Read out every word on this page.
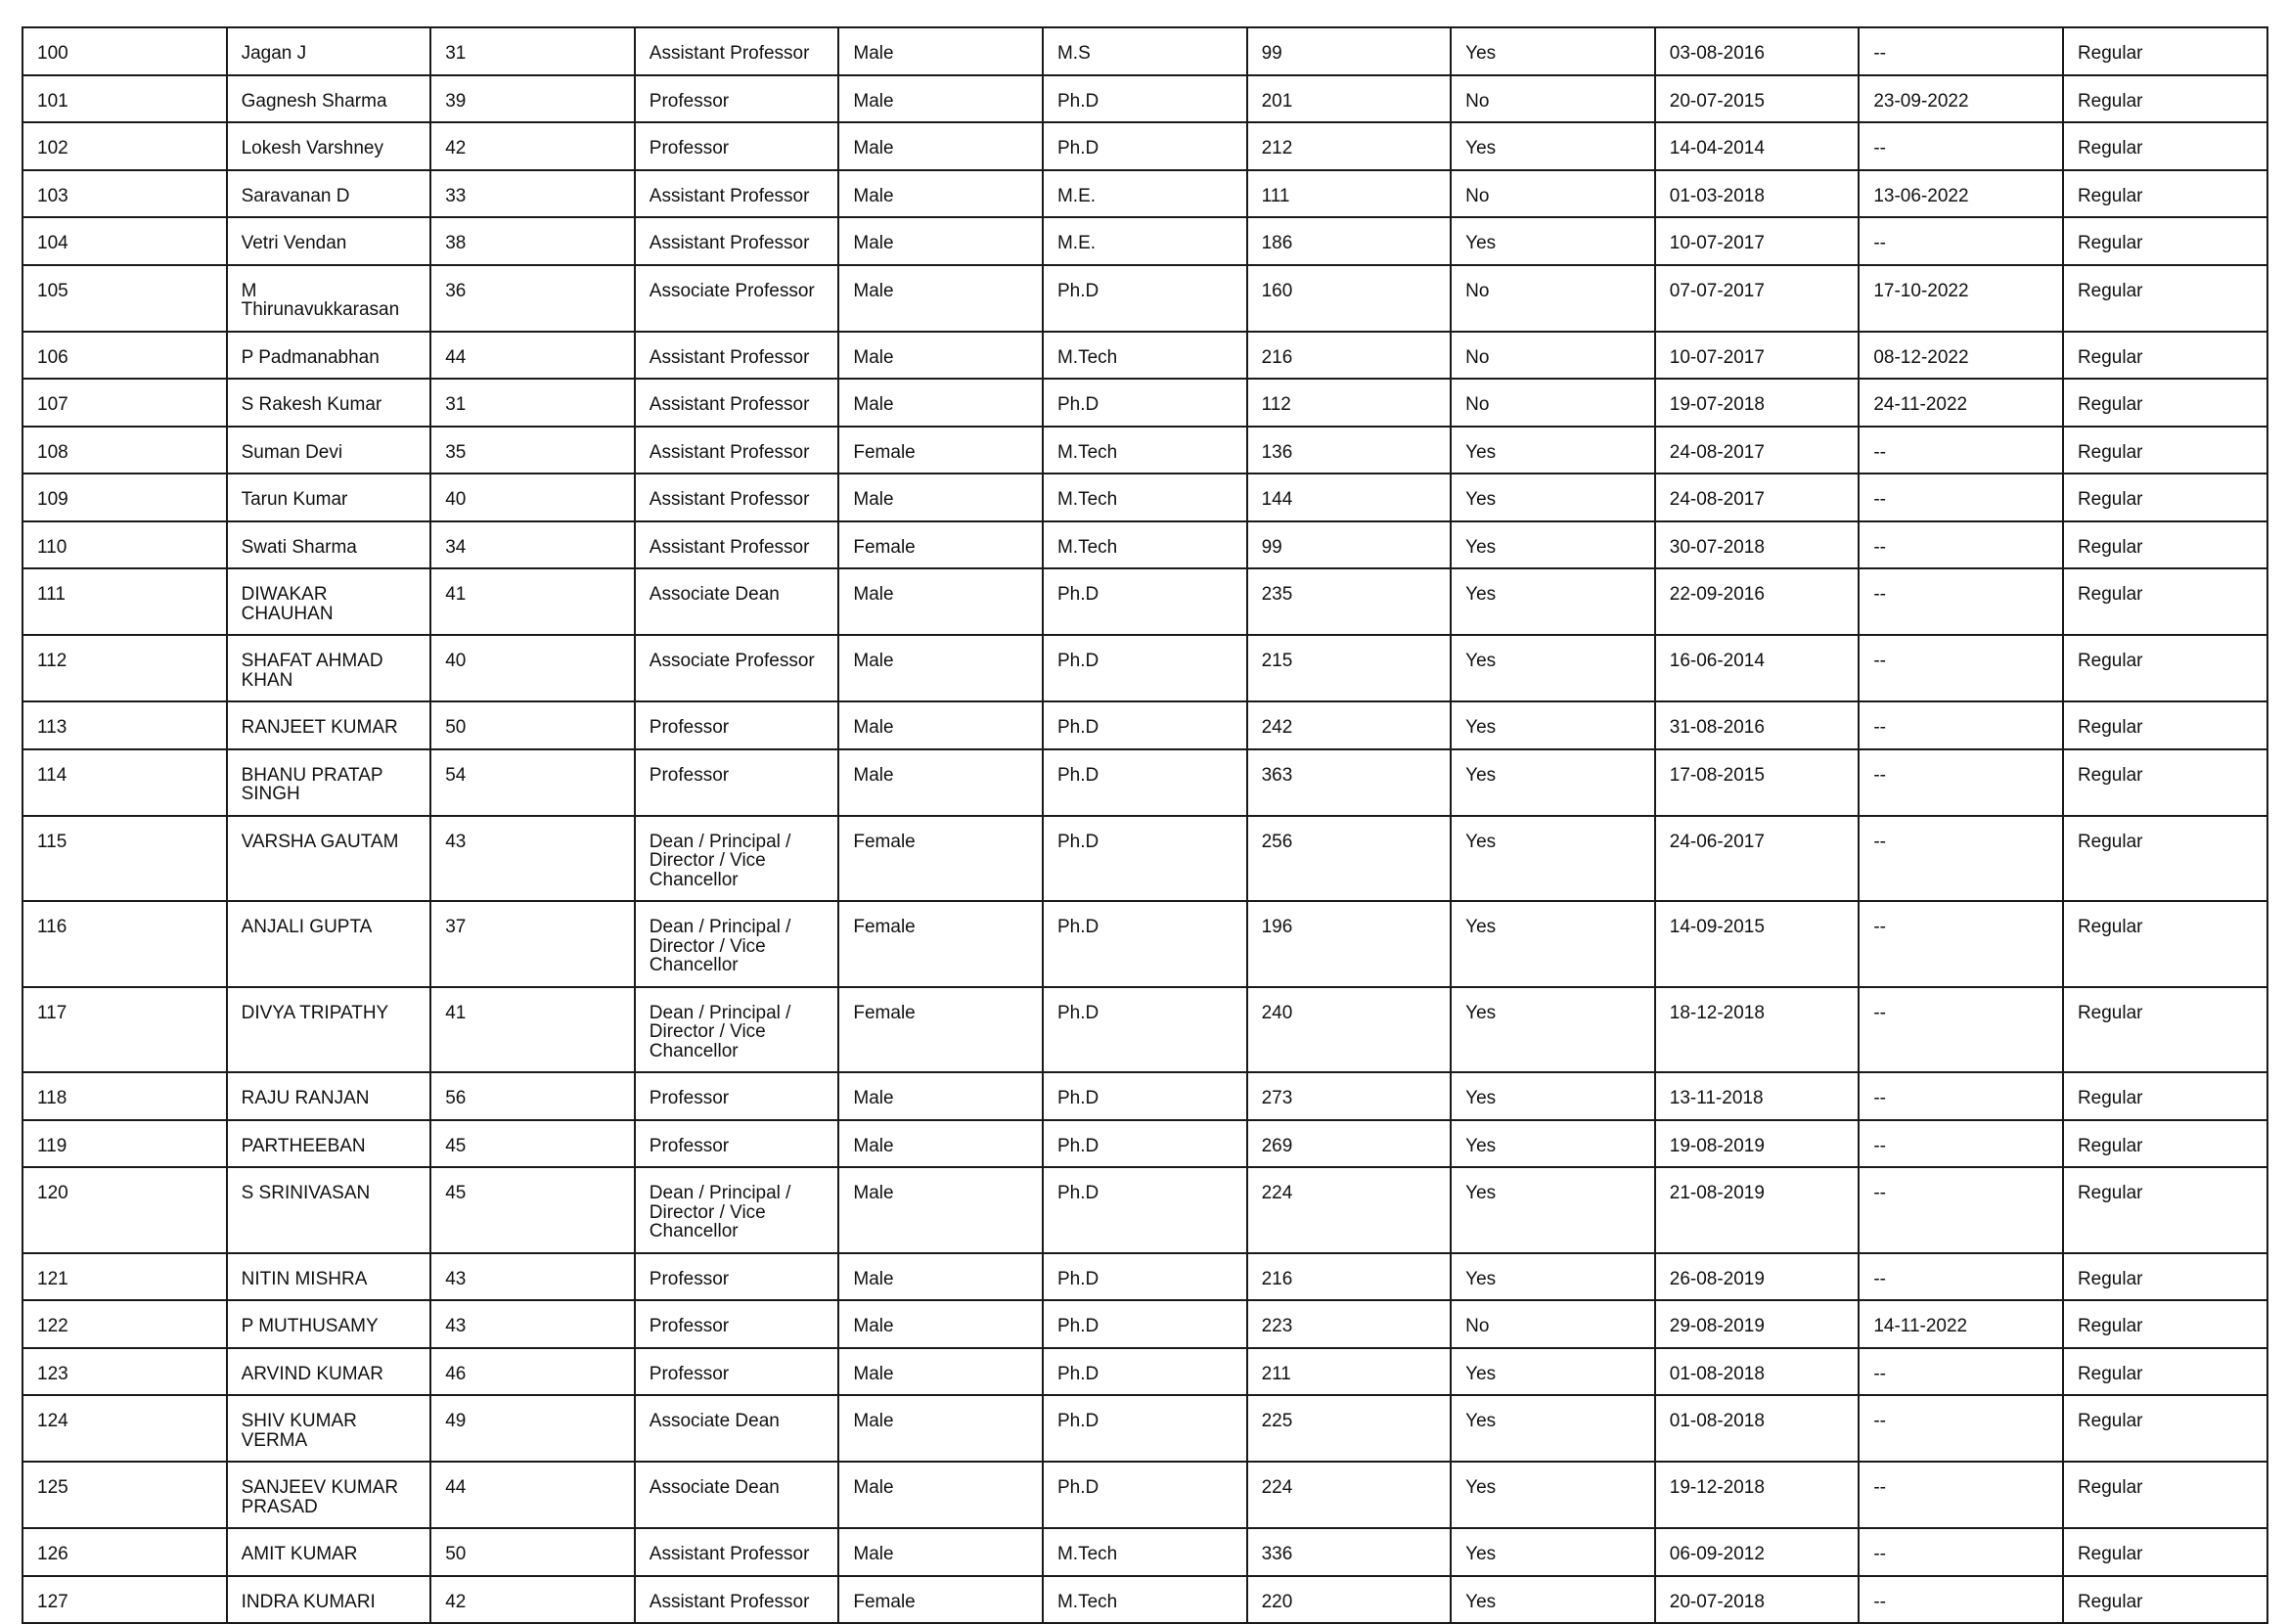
100	Jagan J	31	Assistant Professor	Male	M.S	99	Yes	03-08-2016	--	Regular
101	Gagnesh Sharma	39	Professor	Male	Ph.D	201	No	20-07-2015	23-09-2022	Regular
102	Lokesh Varshney	42	Professor	Male	Ph.D	212	Yes	14-04-2014	--	Regular
103	Saravanan D	33	Assistant Professor	Male	M.E.	111	No	01-03-2018	13-06-2022	Regular
104	Vetri Vendan	38	Assistant Professor	Male	M.E.	186	Yes	10-07-2017	--	Regular
105	M Thirunavukkarasan	36	Associate Professor	Male	Ph.D	160	No	07-07-2017	17-10-2022	Regular
106	P Padmanabhan	44	Assistant Professor	Male	M.Tech	216	No	10-07-2017	08-12-2022	Regular
107	S Rakesh Kumar	31	Assistant Professor	Male	Ph.D	112	No	19-07-2018	24-11-2022	Regular
108	Suman Devi	35	Assistant Professor	Female	M.Tech	136	Yes	24-08-2017	--	Regular
109	Tarun Kumar	40	Assistant Professor	Male	M.Tech	144	Yes	24-08-2017	--	Regular
110	Swati Sharma	34	Assistant Professor	Female	M.Tech	99	Yes	30-07-2018	--	Regular
111	DIWAKAR CHAUHAN	41	Associate Dean	Male	Ph.D	235	Yes	22-09-2016	--	Regular
112	SHAFAT AHMAD KHAN	40	Associate Professor	Male	Ph.D	215	Yes	16-06-2014	--	Regular
113	RANJEET KUMAR	50	Professor	Male	Ph.D	242	Yes	31-08-2016	--	Regular
114	BHANU PRATAP SINGH	54	Professor	Male	Ph.D	363	Yes	17-08-2015	--	Regular
115	VARSHA GAUTAM	43	Dean / Principal / Director / Vice Chancellor	Female	Ph.D	256	Yes	24-06-2017	--	Regular
116	ANJALI GUPTA	37	Dean / Principal / Director / Vice Chancellor	Female	Ph.D	196	Yes	14-09-2015	--	Regular
117	DIVYA TRIPATHY	41	Dean / Principal / Director / Vice Chancellor	Female	Ph.D	240	Yes	18-12-2018	--	Regular
118	RAJU RANJAN	56	Professor	Male	Ph.D	273	Yes	13-11-2018	--	Regular
119	PARTHEEBAN	45	Professor	Male	Ph.D	269	Yes	19-08-2019	--	Regular
120	S SRINIVASAN	45	Dean / Principal / Director / Vice Chancellor	Male	Ph.D	224	Yes	21-08-2019	--	Regular
121	NITIN MISHRA	43	Professor	Male	Ph.D	216	Yes	26-08-2019	--	Regular
122	P MUTHUSAMY	43	Professor	Male	Ph.D	223	No	29-08-2019	14-11-2022	Regular
123	ARVIND KUMAR	46	Professor	Male	Ph.D	211	Yes	01-08-2018	--	Regular
124	SHIV KUMAR VERMA	49	Associate Dean	Male	Ph.D	225	Yes	01-08-2018	--	Regular
125	SANJEEV KUMAR PRASAD	44	Associate Dean	Male	Ph.D	224	Yes	19-12-2018	--	Regular
126	AMIT KUMAR	50	Assistant Professor	Male	M.Tech	336	Yes	06-09-2012	--	Regular
127	INDRA KUMARI	42	Assistant Professor	Female	M.Tech	220	Yes	20-07-2018	--	Regular
